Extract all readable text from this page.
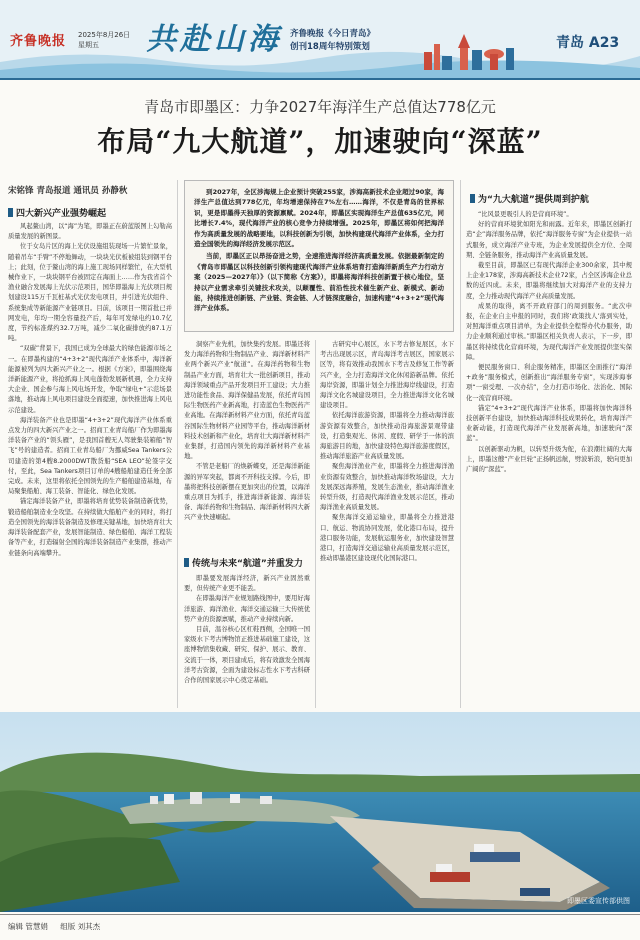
齐鲁晚报 2025年8月26日
星期五 共赴山海 齐鲁晚报《今日青岛》
创刊18周年特别策划	青岛 A23
青岛市即墨区：力争2027年海洋生产总值达778亿元
布局“九大航道”，加速驶向“深蓝”
宋铭锋 青岛报道 通讯员 孙静秋	到2027年，全区涉海规上企业预计突破255家，涉海高新技术企业超过90家，海洋生产总值达到778亿元，年均增速保持在7%左右……海洋，不仅是青岛的世界标识，更是即墨得天独厚的资源禀赋。2024年，即墨区实现海洋生产总值635亿元，同比增长7.4%，现代海洋产业的核心竞争力持续增强。2025年，即墨区将如何把海洋作为高质量发展的战略要地，以科技创新为引领，加快构建现代海洋产业体系，全力打造全国领先的海洋经济发展示范区。

当前，即墨区正以昂扬奋进之势，全速推进海洋经济高质量发展。依据最新制定的《青岛市即墨区以科技创新引领构建现代海洋产业体系培育打造海洋新质生产力行动方案（2025—2027年）》（以下简称《方案》），即墨将海洋科技创新置于核心地位，坚持以产业需求牵引关键技术攻关，以颠覆性、前沿性技术催生新产业、新模式、新动能，持续推进创新链、产业链、资金链、人才链深度融合，加速构建“4+3+2”现代海洋产业体系。

四大新兴产业强势崛起

风起鳌山湾，以“海”为笔，即墨正在蔚蓝版图上勾勒高质量发展的新图景。

位于女岛片区的海上光伏设施组装现场一片繁忙景象，随着吊车“手臂”不停地舞动，一块块光伏板被组装到钢平台上；此刻，位于鳌山湾的海上施工现场同样繁忙，在大型机械作业下，一块块钢平台被固定在海面上……作为我省首个渔业融合发展海上光伏示范项目，国华即墨海上光伏项目规划建设115万千瓦桩基式光伏发电项目，并引进光伏组件、系统集成等新能源产业链项目。目前，该项目一期首批已并网发电，年均一期全容量投产后，每年可发绿电约10.7亿度，节约标准煤约32.7万吨，减少二氧化碳排放约87.1万吨。

“双碳”背景下，我国已成为全球最大的绿色能源市场之一。在即墨构建的“4+3+2”现代海洋产业体系中，海洋新能源被列为四大新兴产业之一。根据《方案》，即墨围绕海洋新能源产业，将抢抓海上风电蓬勃发展新机遇，全力支持大企业、国企参与海上风电场开发，争取“绿电+”示范场景落地，推动海上风电项目建设全面提速，加快推进海上风电示范建设。

海洋装备产业也是即墨“4+3+2”现代海洋产业体系重点发力的四大新兴产业之一。招商工业青岛船厂作为即墨海洋装备产业的“领头雁”，是我国首艘无人驾驶集装箱船“智飞”号的建造者。招商工业青岛船厂为挪威Sea Tankers公司建造的第4艘8.2000DWT散货船“SEA LEO”轮签字交付，至此，Sea Tankers项目订单的4艘船舶建造任务全部完成。未来，这里将依托全国领先的生产船舶建造基地，布局聚集船舶、海工装备、智能化、绿色化发展。

锚定海洋装备产业，即墨将培育优势装备制造新优势，锻造船舶制造业全攻坚。在持续做大船舶产业的同时，将打造全国领先的海洋装备制造及修理关键基地，加快培育壮大海洋装备配套产业，发展智能制造、绿色船舶、海洋工程装备等产业，打造辐射全国的海洋装备制造产业集群，推动产业链条向高端攀升。

洞察产业先机，加快集约发展。即墨还将发力海洋药物和生物制品产业、海洋新材料产业两个新兴产业“航道”。在海洋药物和生物制品产业方面，培育壮大一批创新项目，推动海洋领域重点产品开发项目开工建设；大力推进功能性食品、海洋保健品发展，依托青岛国际生物医药产业新高地，打造蓝色生物医药产业高地。在海洋新材料产业方面，依托青岛蓝谷国际生物材料产业园等平台，推动海洋新材料技术创新和产业化，培育壮大海洋新材料产业集群，打造国内领先的海洋新材料产业基地。

不管是老船厂的焕新蝶变，还是海洋新能源的异军突起，都离不开科技支撑。今后，即墨将把科技创新摆在更加突出的位置，以海洋重点项目为抓手，推进海洋新能源、海洋装备、海洋药物和生物制品、海洋新材料四大新兴产业快速崛起。

传统与未来“航道”并重发力

即墨要发展海洋经济，新兴产业固然重要，但传统产业更不能丢。

在即墨海洋产业规划路线图中，要用好海洋旅游、海洋渔业、海洋交通运输三大传统优势产业的资源禀赋，推动产业持续向新。

目前，温谷核心区杠鞋西侧，全国唯一国家级水下考古博物馆正推进基础施工建设，这座博物馆集收藏、研究、保护、展示、教育、交流于一体，项目建成后，将有效激发全国海洋考古资源，全面为建设标志性水下考古科研合作的国家展示中心奠定基础。

古研究中心展区，水下考古修复展区，水下考古出现展示区，青岛海洋考古展区，国家展示区等，将有效推动我国水下考古及修复工作等新兴产业，全力打造海洋文化休闲游新品牌。依托海岸资源，即墨计划全力推进海岸线建设，打造海洋文化名城建设项目，全力推进海洋文化名城建设项目。

依托海洋旅游资源，即墨将全力推动海洋旅游资源有效整合，加快推动沿海旅游景观带建设，打造集观光、休闲、度假、研学于一体的滨海旅游目的地，加快建设特色海洋旅游度假区，推动海洋旅游产业高质量发展。

聚焦海洋渔业产业，即墨将全力推进海洋渔业资源有效整合，加快推动海洋牧场建设，大力发展深远海养殖，发展生态渔业，推动海洋渔业转型升级，打造现代海洋渔业发展示范区，推动海洋渔业高质量发展。

聚焦海洋交通运输业，即墨将全力推进港口、航运、物流协同发展，优化港口布局，提升港口服务功能，发展航运服务业，加快建设智慧港口，打造海洋交通运输业高质量发展示范区，推动即墨港区建设现代化国际港口。

为“九大航道”提供周到护航

“比风景更吸引人的是营商环境”。

好的营商环境犹如阳光和雨露。近年来，即墨区创新打造“企”海洋服务品牌，依托“海洋服务专窗”为企业提供一站式服务，成立海洋产业专班，为企业发展提供全方位、全周期、全链条服务，推动海洋产业高质量发展。

截至目前，即墨区已有现代海洋企业300余家，其中规上企业178家，涉海高新技术企业72家，占全区涉海企业总数的近四成。未来，即墨将继续加大对海洋产业的支持力度，全力推动现代海洋产业高质量发展。

成果的取得，离不开政府部门的周到服务。“此次申报，在企业自主申报的同时，我们将‘政策找人’落到实处，对照海洋重点项目清单，为企业提供全程帮办代办服务，助力企业顺利通过审核。”即墨区相关负责人表示，下一步，即墨区将持续优化营商环境，为现代海洋产业发展提供坚实保障。

便民服务窗口、利企服务精准，即墨区全面推行“海洋+政务”服务模式，创新推出“海洋服务专窗”，实现涉海事项“一窗受理、一次办结”，全力打造市场化、法治化、国际化一流营商环境。

锚定“4+3+2”现代海洋产业体系，即墨将加快海洋科技创新平台建设，加快推动海洋科技成果转化，培育海洋产业新动能，打造现代海洋产业发展新高地，加速驶向“深蓝”。

以创新驱动为帆，以转型升级为舵，在浪潮壮阔的大海上，即墨这艘“产业巨轮”正扬帆远航，劈波斩浪，驶向更加广阔的“深蓝”。

即墨区委宣传部供图
编辑 管慧娟 组版 刘其杰
